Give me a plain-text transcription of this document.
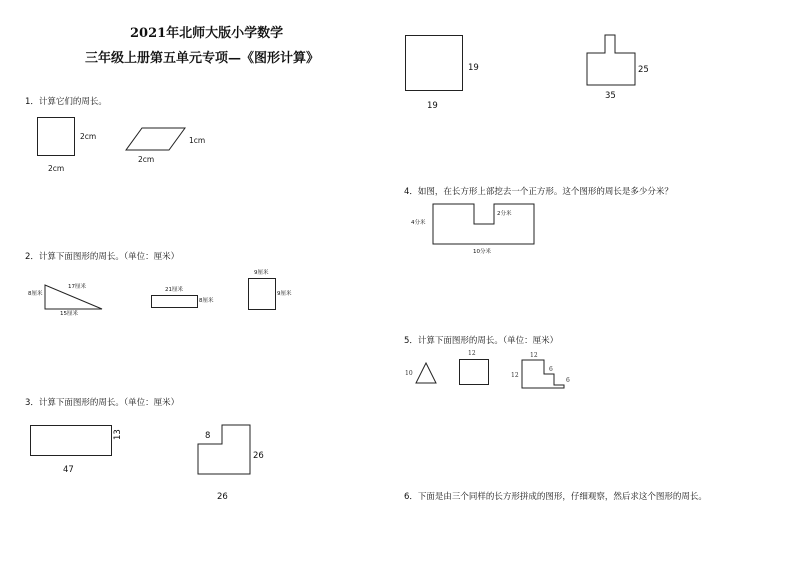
2021年北师大版小学数学
三年级上册第五单元专项—《图形计算》
1．计算它们的周长。
2cm
2cm
1cm
2cm
2．计算下面图形的周长。（单位：厘米）
8厘米
17厘米
15厘米
21厘米
8厘米
9厘米
9厘米
3．计算下面图形的周长。（单位：厘米）
13
47
8
26
26
19
19
25
35
4．如图，在长方形上部挖去一个正方形。这个图形的周长是多少分米？
4分米
2分米
10分米
5．计算下面图形的周长。（单位：厘米）
10
12	12
12
6
6
6．下面是由三个同样的长方形拼成的图形，仔细观察，然后求这个图形的周长。
